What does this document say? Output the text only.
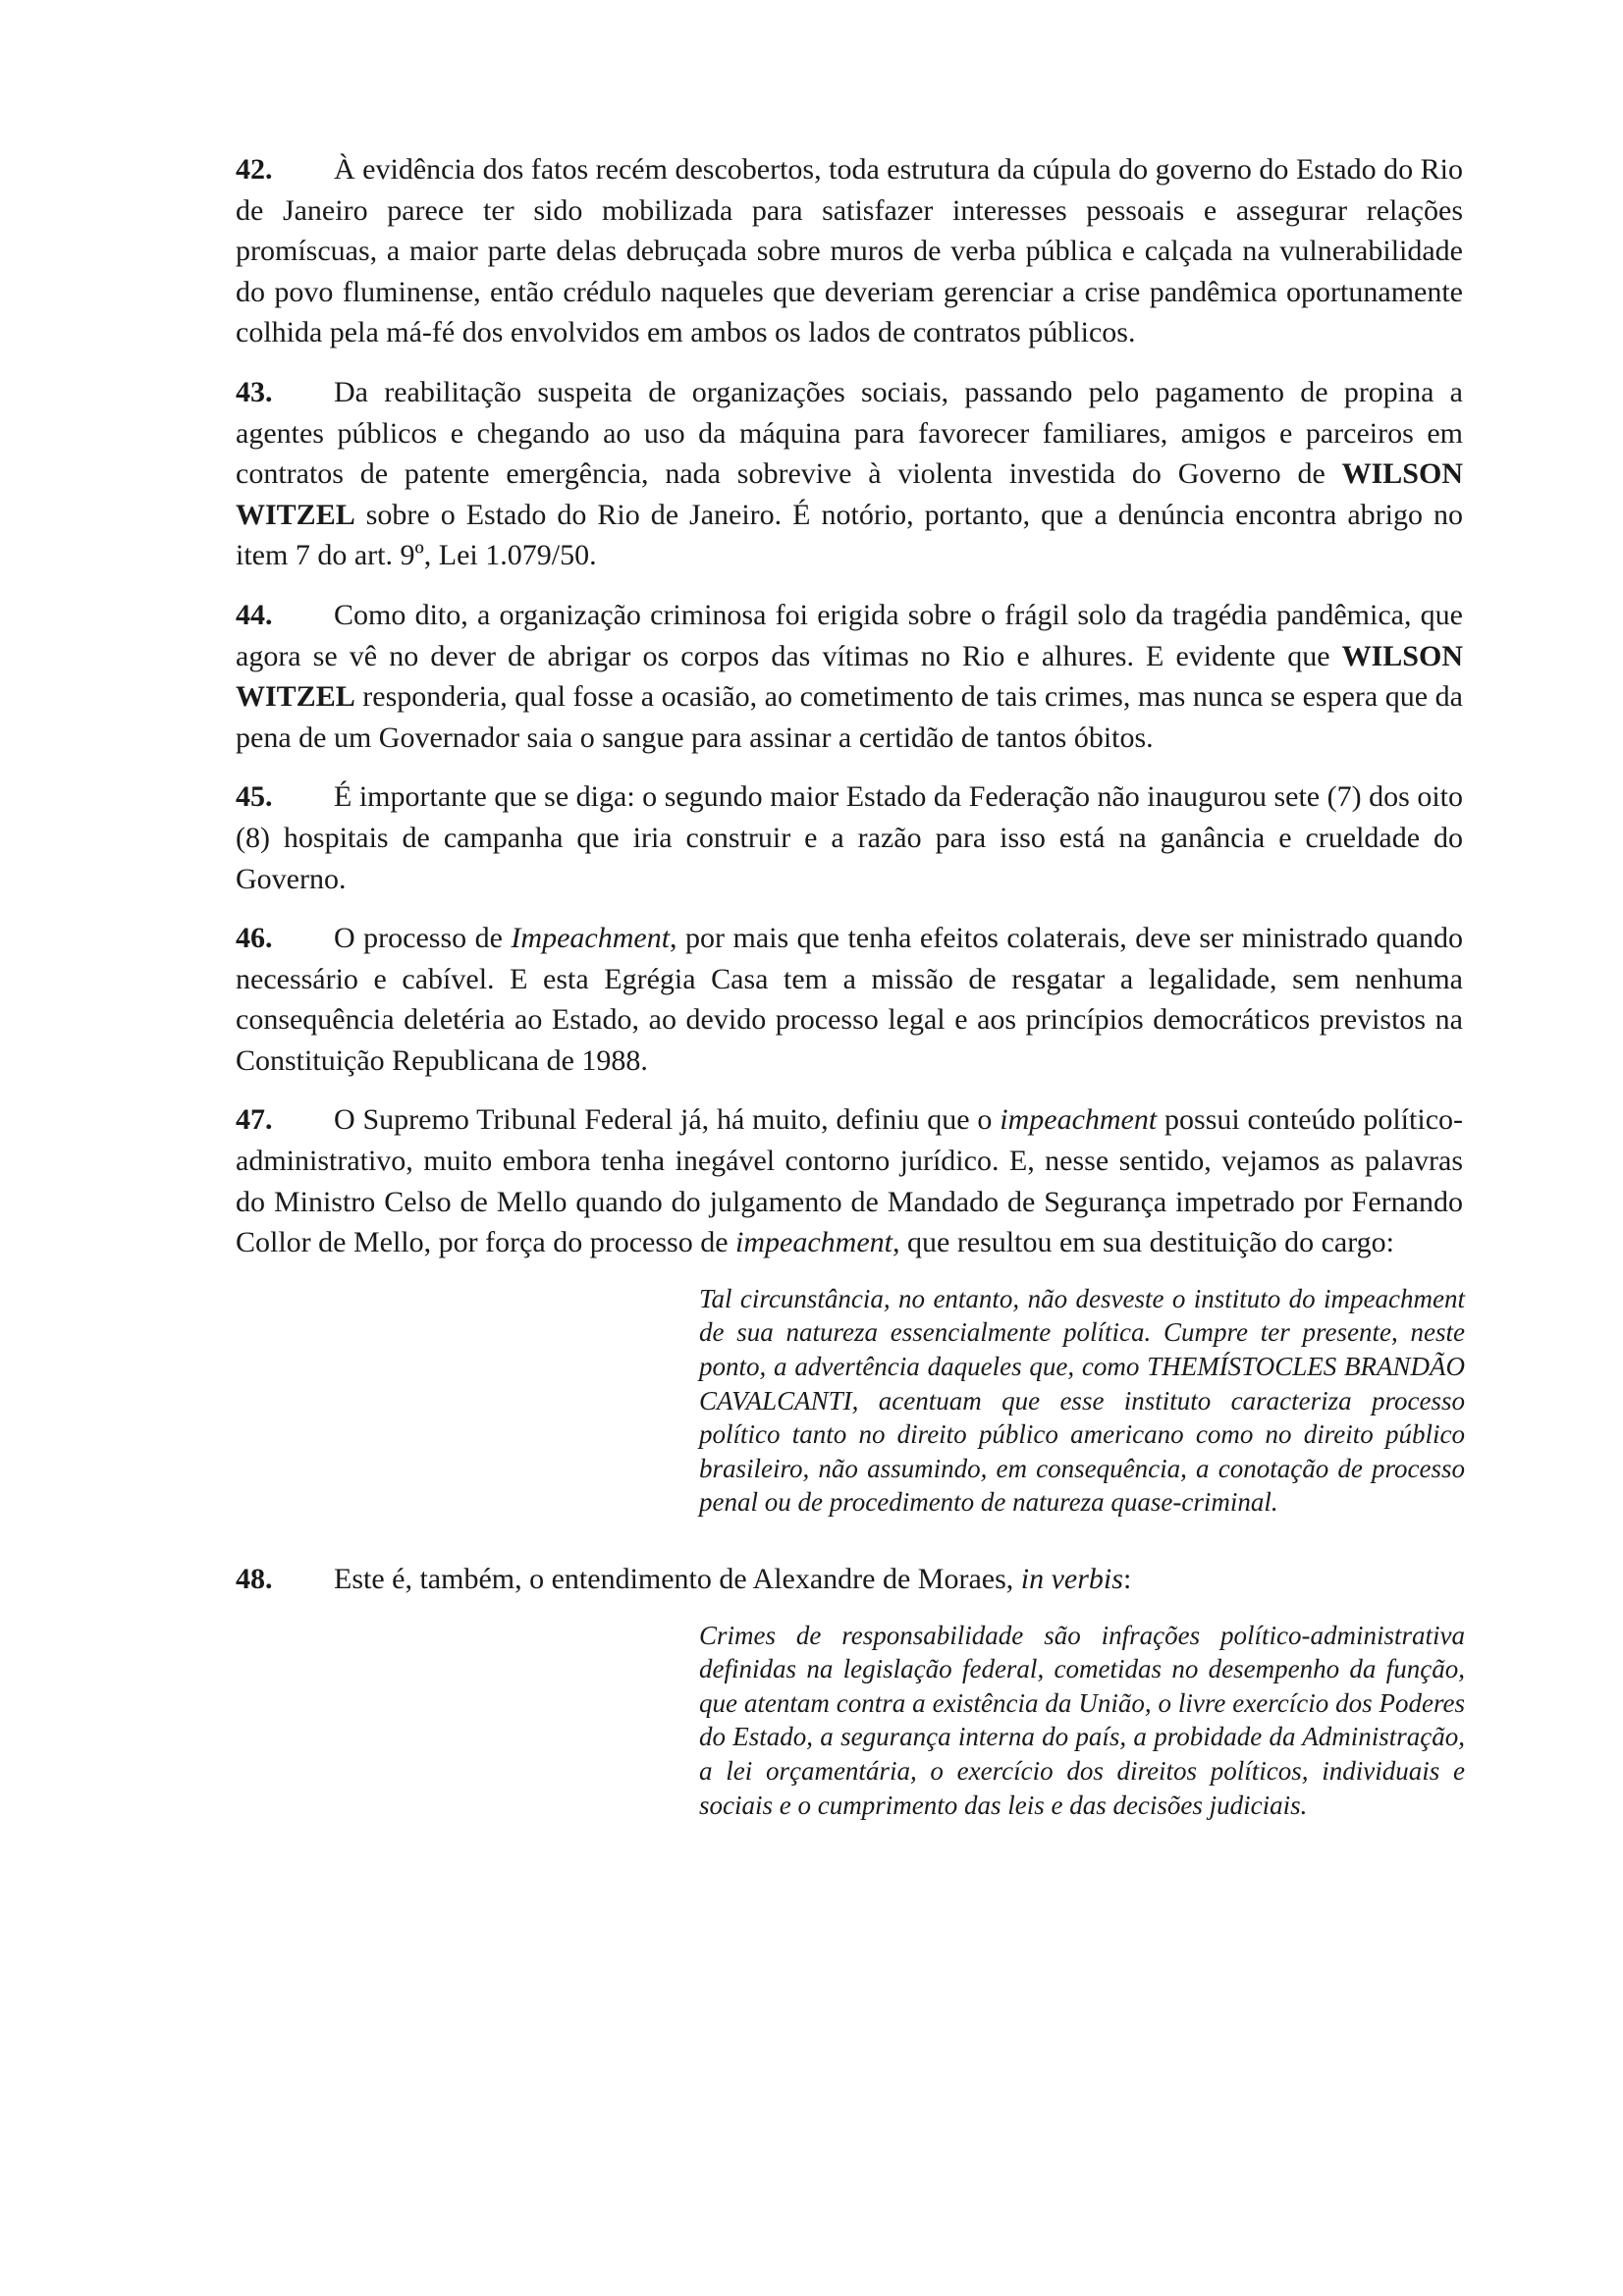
42. À evidência dos fatos recém descobertos, toda estrutura da cúpula do governo do Estado do Rio de Janeiro parece ter sido mobilizada para satisfazer interesses pessoais e assegurar relações promíscuas, a maior parte delas debruçada sobre muros de verba pública e calçada na vulnerabilidade do povo fluminense, então crédulo naqueles que deveriam gerenciar a crise pandêmica oportunamente colhida pela má-fé dos envolvidos em ambos os lados de contratos públicos.

43. Da reabilitação suspeita de organizações sociais, passando pelo pagamento de propina a agentes públicos e chegando ao uso da máquina para favorecer familiares, amigos e parceiros em contratos de patente emergência, nada sobrevive à violenta investida do Governo de WILSON WITZEL sobre o Estado do Rio de Janeiro. É notório, portanto, que a denúncia encontra abrigo no item 7 do art. 9º, Lei 1.079/50.

44. Como dito, a organização criminosa foi erigida sobre o frágil solo da tragédia pandêmica, que agora se vê no dever de abrigar os corpos das vítimas no Rio e alhures. E evidente que WILSON WITZEL responderia, qual fosse a ocasião, ao cometimento de tais crimes, mas nunca se espera que da pena de um Governador saia o sangue para assinar a certidão de tantos óbitos.

45. É importante que se diga: o segundo maior Estado da Federação não inaugurou sete (7) dos oito (8) hospitais de campanha que iria construir e a razão para isso está na ganância e crueldade do Governo.

46. O processo de Impeachment, por mais que tenha efeitos colaterais, deve ser ministrado quando necessário e cabível. E esta Egrégia Casa tem a missão de resgatar a legalidade, sem nenhuma consequência deletéria ao Estado, ao devido processo legal e aos princípios democráticos previstos na Constituição Republicana de 1988.

47. O Supremo Tribunal Federal já, há muito, definiu que o impeachment possui conteúdo político-administrativo, muito embora tenha inegável contorno jurídico. E, nesse sentido, vejamos as palavras do Ministro Celso de Mello quando do julgamento de Mandado de Segurança impetrado por Fernando Collor de Mello, por força do processo de impeachment, que resultou em sua destituição do cargo:

Tal circunstância, no entanto, não desveste o instituto do impeachment de sua natureza essencialmente política. Cumpre ter presente, neste ponto, a advertência daqueles que, como THEMÍSTOCLES BRANDÃO CAVALCANTI, acentuam que esse instituto caracteriza processo político tanto no direito público americano como no direito público brasileiro, não assumindo, em consequência, a conotação de processo penal ou de procedimento de natureza quase-criminal.

48. Este é, também, o entendimento de Alexandre de Moraes, in verbis:

Crimes de responsabilidade são infrações político-administrativa definidas na legislação federal, cometidas no desempenho da função, que atentam contra a existência da União, o livre exercício dos Poderes do Estado, a segurança interna do país, a probidade da Administração, a lei orçamentária, o exercício dos direitos políticos, individuais e sociais e o cumprimento das leis e das decisões judiciais.
